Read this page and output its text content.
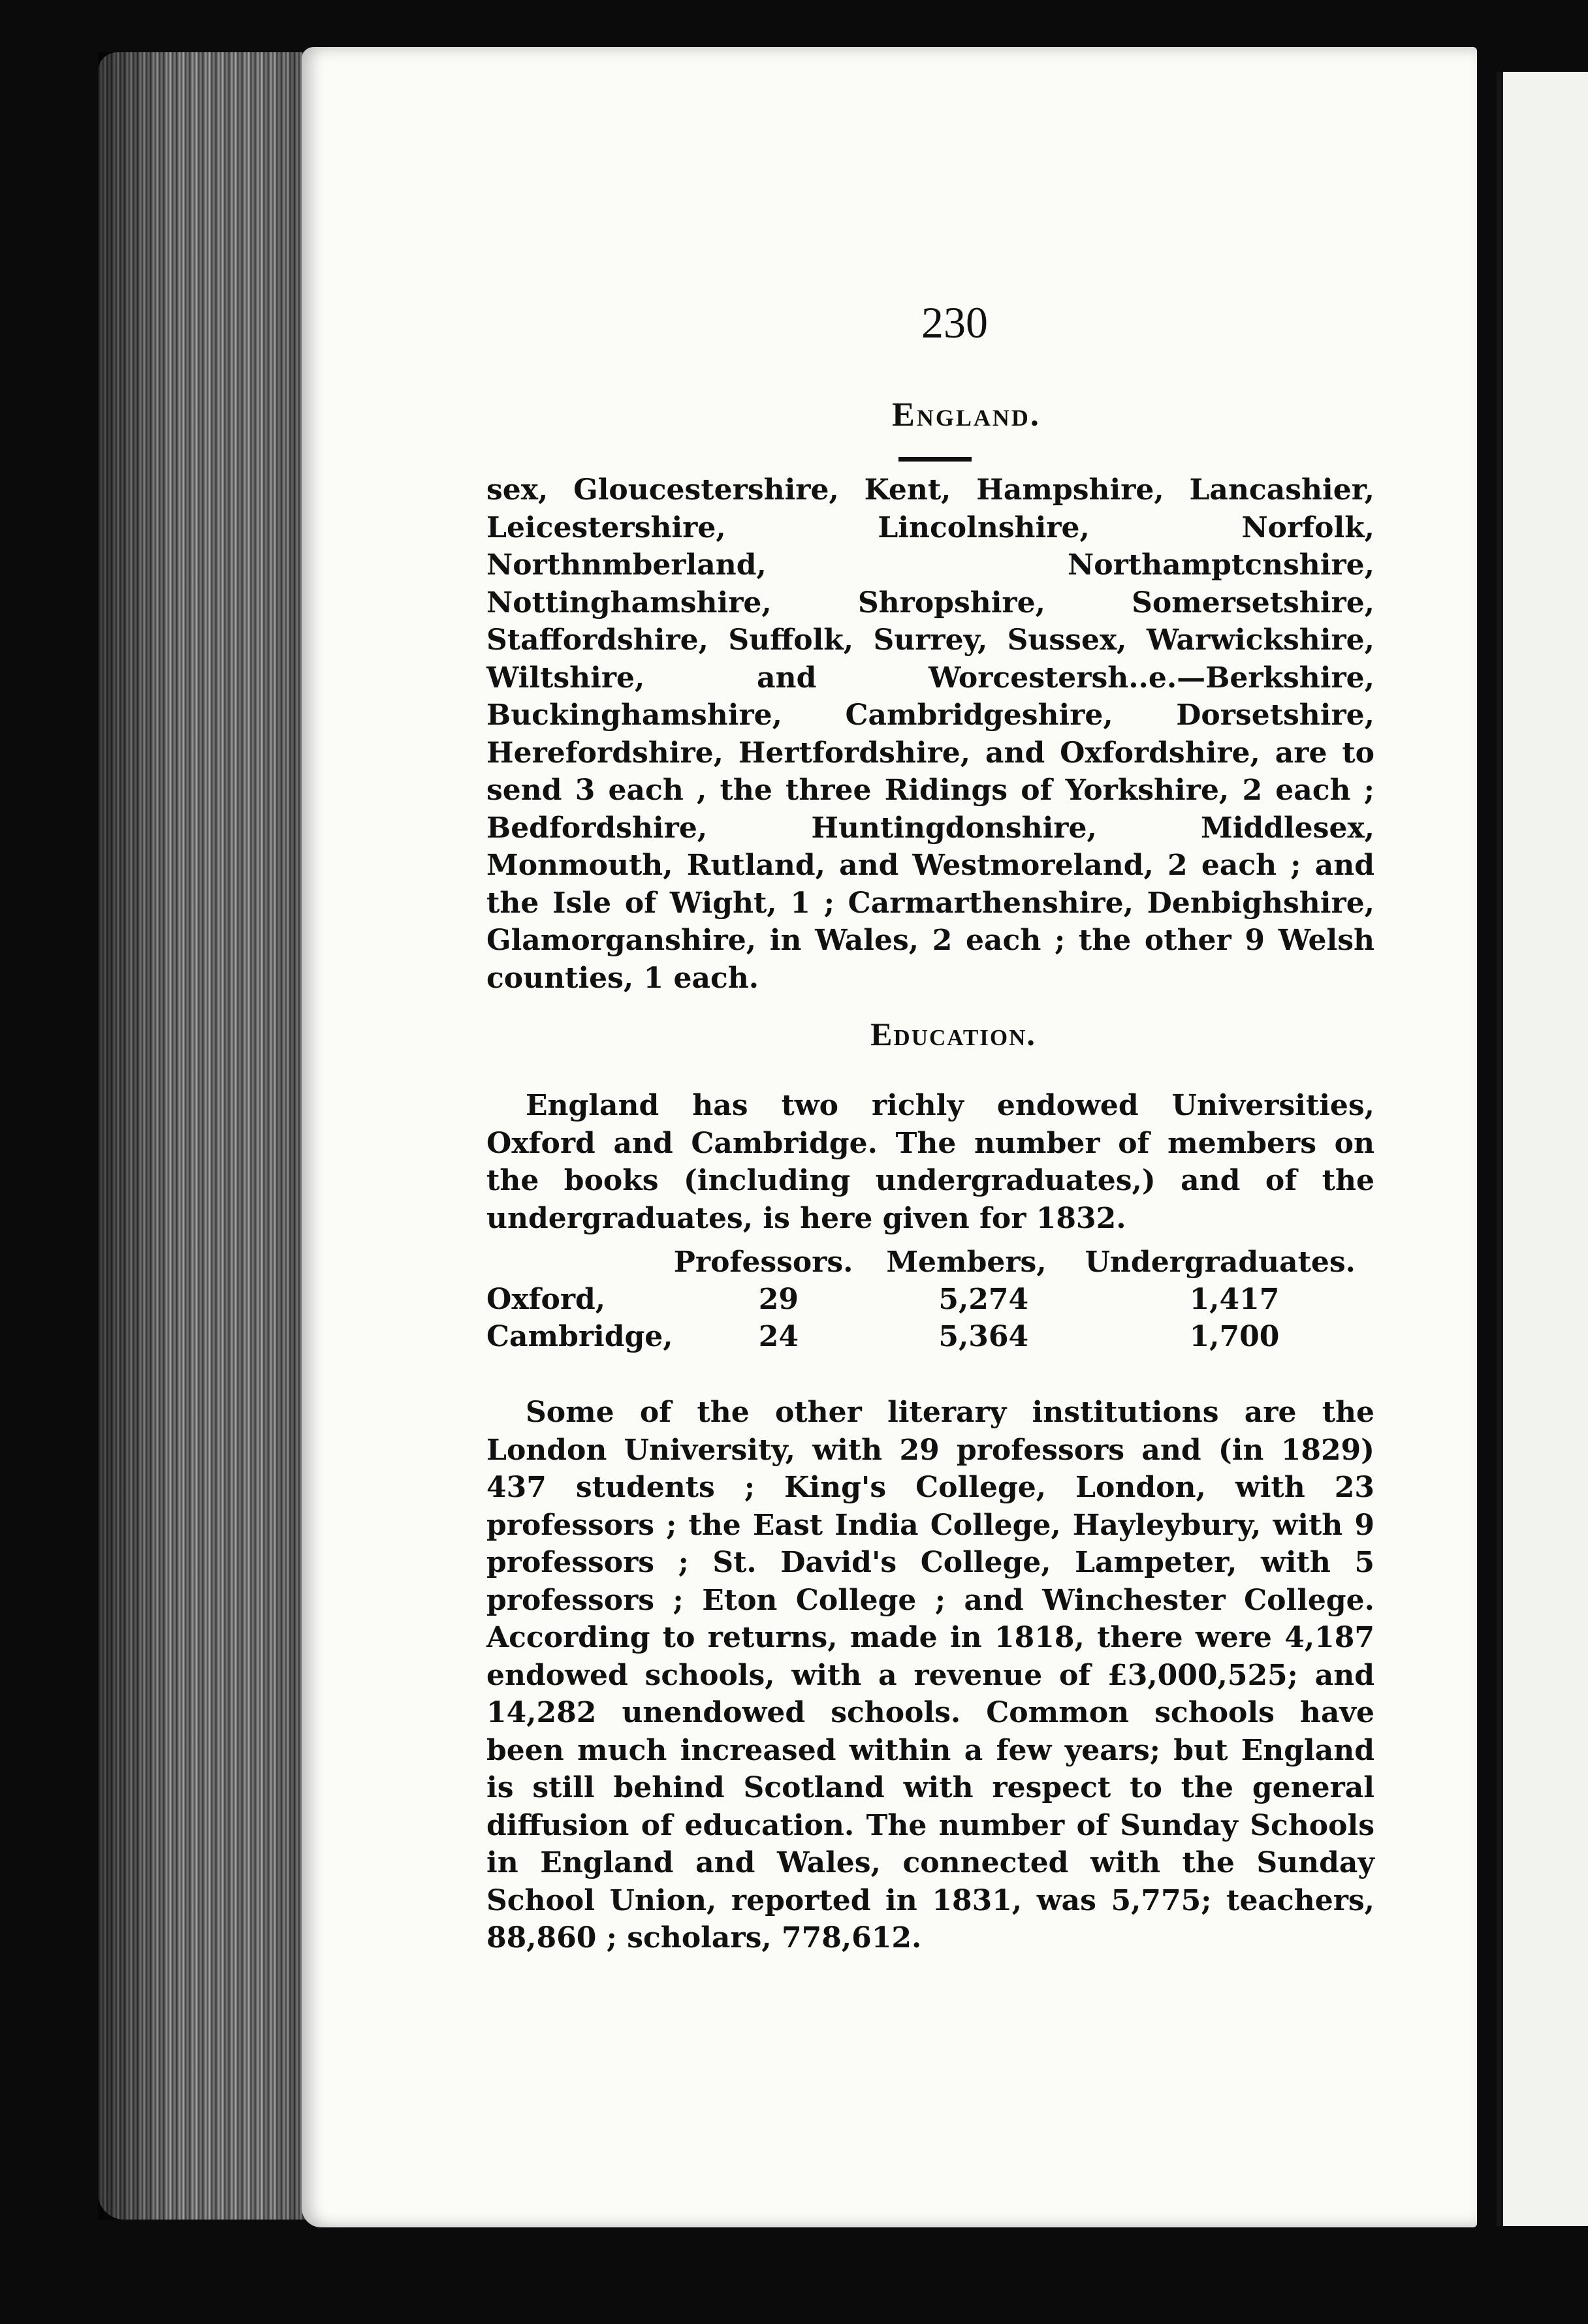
230

England.

sex, Gloucestershire, Kent, Hampshire, Lancashier, Leicestershire, Lincolnshire, Norfolk, Northnmberland, Northamptcnshire, Nottinghamshire, Shropshire, Somersetshire, Staffordshire, Suffolk, Surrey, Sussex, Warwickshire, Wiltshire, and Worcestersh..e.—Berkshire, Buckinghamshire, Cambridgeshire, Dorsetshire, Herefordshire, Hertfordshire, and Oxfordshire, are to send 3 each , the three Ridings of Yorkshire, 2 each ; Bedfordshire, Huntingdonshire, Middlesex, Monmouth, Rutland, and Westmoreland, 2 each ; and the Isle of Wight, 1 ; Carmarthenshire, Denbighshire, Glamorganshire, in Wales, 2 each ; the other 9 Welsh counties, 1 each.

Education.

England has two richly endowed Universities, Oxford and Cambridge. The number of members on the books (including undergraduates,) and of the undergraduates, is here given for 1832.

	Professors.	Members,	Undergraduates.
Oxford,	29	5,274	1,417
Cambridge,	24	5,364	1,700

Some of the other literary institutions are the London University, with 29 professors and (in 1829) 437 students ; King's College, London, with 23 professors ; the East India College, Hayleybury, with 9 professors ; St. David's College, Lampeter, with 5 professors ; Eton College ; and Winchester College. According to returns, made in 1818, there were 4,187 endowed schools, with a revenue of £3,000,525; and 14,282 unendowed schools. Common schools have been much increased within a few years; but England is still behind Scotland with respect to the general diffusion of education. The number of Sunday Schools in England and Wales, connected with the Sunday School Union, reported in 1831, was 5,775; teachers, 88,860 ; scholars, 778,612.
